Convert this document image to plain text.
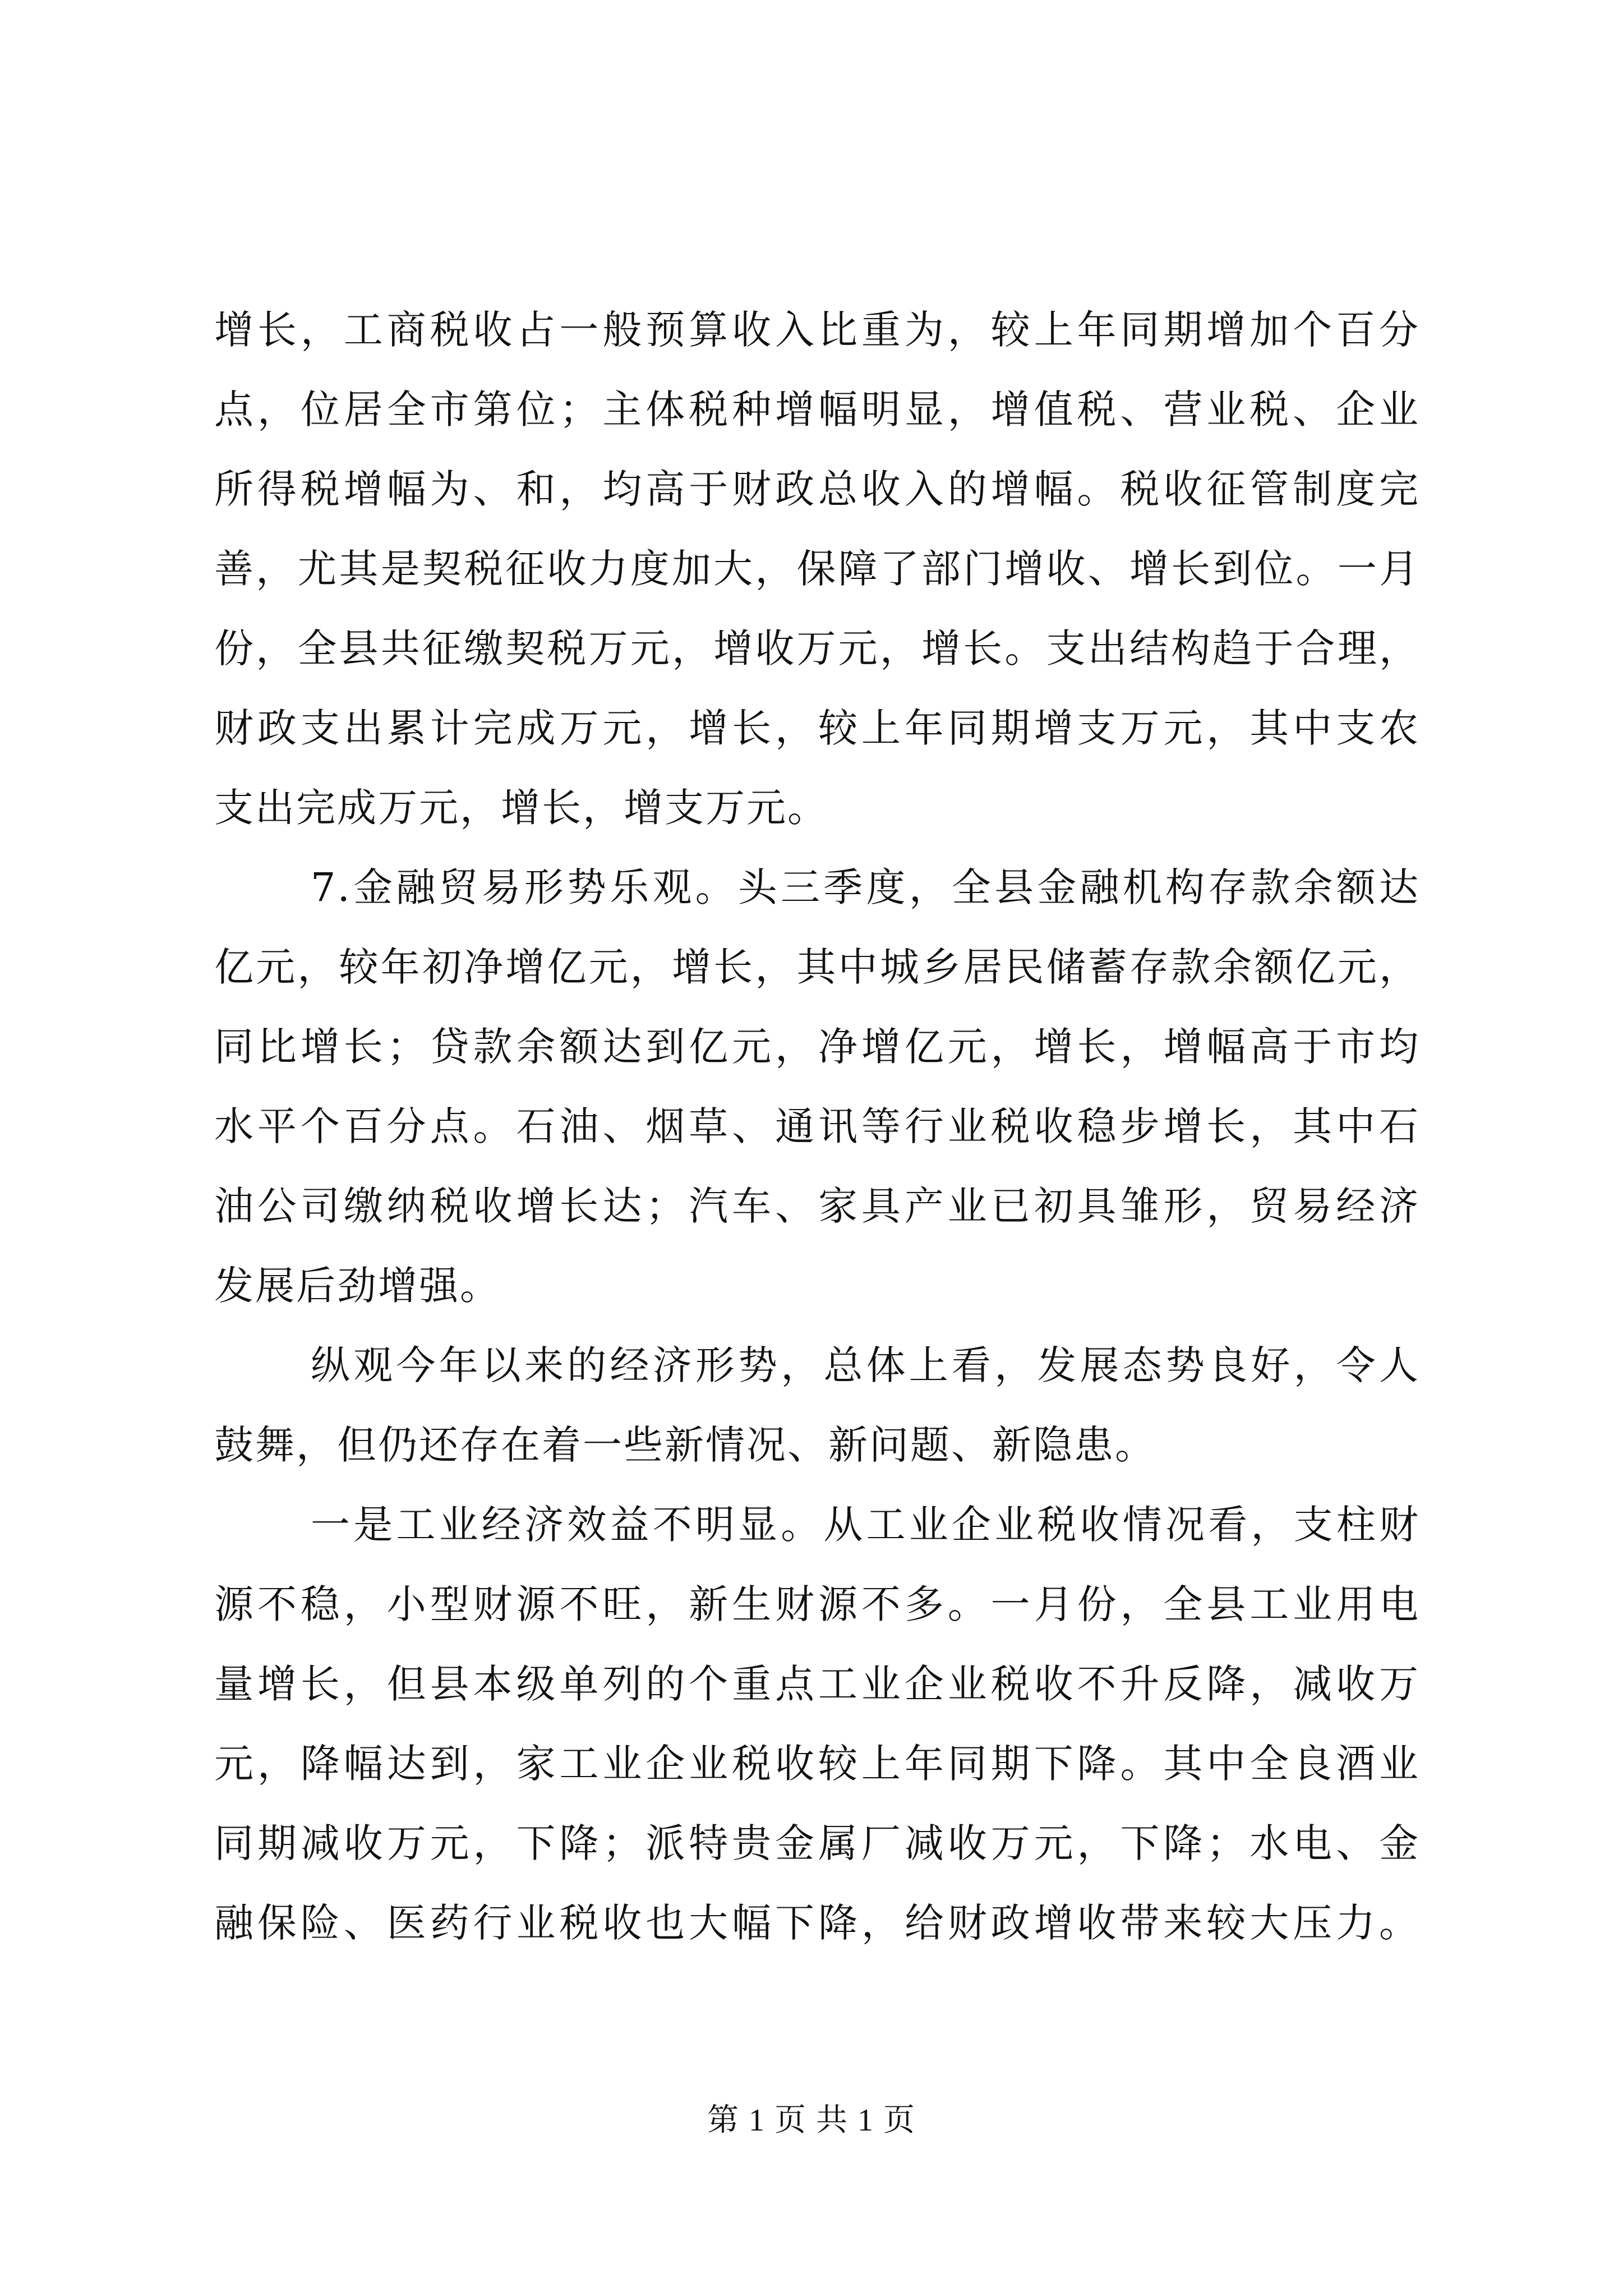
增长，工商税收占一般预算收入比重为，较上年同期增加个百分
点，位居全市第位；主体税种增幅明显，增值税、营业税、企业
所得税增幅为、和，均高于财政总收入的增幅。税收征管制度完
善，尤其是契税征收力度加大，保障了部门增收、增长到位。一月
份，全县共征缴契税万元，增收万元，增长。支出结构趋于合理，
财政支出累计完成万元，增长，较上年同期增支万元，其中支农
支出完成万元，增长，增支万元。
7.金融贸易形势乐观。头三季度，全县金融机构存款余额达
亿元，较年初净增亿元，增长，其中城乡居民储蓄存款余额亿元，
同比增长；贷款余额达到亿元，净增亿元，增长，增幅高于市均
水平个百分点。石油、烟草、通讯等行业税收稳步增长，其中石
油公司缴纳税收增长达；汽车、家具产业已初具雏形，贸易经济
发展后劲增强。
纵观今年以来的经济形势，总体上看，发展态势良好，令人
鼓舞，但仍还存在着一些新情况、新问题、新隐患。
一是工业经济效益不明显。从工业企业税收情况看，支柱财
源不稳，小型财源不旺，新生财源不多。一月份，全县工业用电
量增长，但县本级单列的个重点工业企业税收不升反降，减收万
元，降幅达到，家工业企业税收较上年同期下降。其中全良酒业
同期减收万元，下降；派特贵金属厂减收万元，下降；水电、金
融保险、医药行业税收也大幅下降，给财政增收带来较大压力。
第 1 页 共 1 页
